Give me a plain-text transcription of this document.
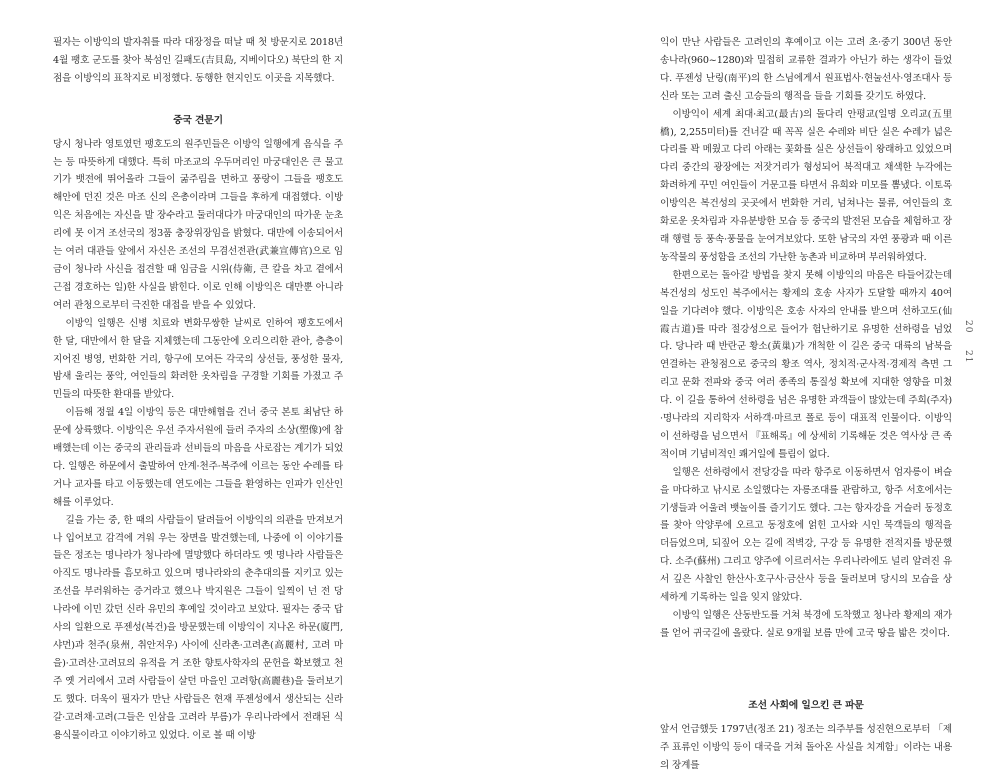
필자는 이방익의 발자취를 따라 대장정을 떠날 때 첫 방문지로 2018년 4월 팽호 군도를 찾아 북섬인 길패도(吉貝島, 지베이다오) 북단의 한 지점을 이방익의 표착지로 비정했다. 동행한 현지인도 이곳을 지목했다.

중국 견문기

당시 청나라 영토였던 팽호도의 원주민들은 이방익 일행에게 음식을 주는 등 따뜻하게 대했다. 특히 마조교의 우두머리인 마궁대인은 큰 물고기가 뱃전에 뛰어올라 그들이 굶주림을 면하고 풍랑이 그들을 팽호도 해안에 던진 것은 마조 신의 은총이라며 그들을 후하게 대접했다. 이방익은 처음에는 자신을 발 장수라고 둘러대다가 마궁대인의 따가운 눈초리에 못 이겨 조선국의 정3품 충장위장임을 밝혔다. 대만에 이송되어서는 여러 대관들 앞에서 자신은 조선의 무겸선전관(武兼宣傳官)으로 임금이 청나라 사신을 접견할 때 임금을 시위(侍衛, 큰 칼을 차고 곁에서 근접 경호하는 일)한 사실을 밝힌다. 이로 인해 이방익은 대만뿐 아니라 여러 관청으로부터 극진한 대접을 받을 수 있었다.

이방익 일행은 신병 치료와 변화무쌍한 날씨로 인하여 팽호도에서 한 달, 대만에서 한 달을 지체했는데 그동안에 오리으리한 관아, 층층이 지어진 병영, 번화한 거리, 항구에 모여든 각국의 상선들, 풍성한 물자, 밤새 울리는 풍악, 여인들의 화려한 옷차림을 구경할 기회를 가졌고 주민들의 따뜻한 환대를 받았다.

이듬해 정월 4일 이방익 등은 대만해협을 건너 중국 본토 최남단 하문에 상륙했다. 이방익은 우선 주자서원에 들러 주자의 소상(塑像)에 참배했는데 이는 중국의 관리들과 선비들의 마음을 사로잡는 계기가 되었다. 일행은 하문에서 출발하여 안계·천주·복주에 이르는 동안 수레를 타거나 교자를 타고 이동했는데 연도에는 그들을 환영하는 인파가 인산인해를 이루었다.

길을 가는 중, 한 때의 사람들이 달려들어 이방익의 의관을 만져보거나 입어보고 감격에 겨워 우는 장면을 발견했는데, 나중에 이 이야기를 들은 정조는 명나라가 청나라에 멸망했다 하더라도 옛 명나라 사람들은 아직도 명나라를 흠모하고 있으며 명나라와의 춘추대의를 지키고 있는 조선을 부러워하는 증거라고 했으나 박지원은 그들이 일찍이 넌 전 당나라에 이민 갔던 신라 유민의 후예일 것이라고 보았다. 필자는 중국 답사의 일환으로 푸젠성(복건)을 방문했는데 이방익이 지나온 하문(廈門, 샤먼)과 천주(泉州, 취안저우) 사이에 신라촌·고려촌(高麗村, 고려 마을)·고려산·고려묘의 유적을 겨 조한 향토사학자의 문헌을 확보했고 천주 옛 거리에서 고려 사람들이 살던 마을인 고려항(高麗巷)을 둘러보기도 했다. 더욱이 필자가 만난 사람들은 현재 푸젠성에서 생산되는 신라갈·고려채·고려(그들은 인삼을 고려라 부름)가 우리나라에서 전래된 식용식물이라고 이야기하고 있었다. 이로 볼 때 이방

익이 만난 사람들은 고려인의 후예이고 이는 고려 초·중기 300년 동안 송나라(960~1280)와 밀접히 교류한 결과가 아닌가 하는 생각이 들었다. 푸젠성 난링(南平)의 한 스님에게서 원표법사·현눌선사·영조대사 등 신라 또는 고려 출신 고승들의 행적을 들을 기회를 갖기도 하였다.

이방익이 세계 최대·최고(最古)의 돌다리 안평교(일명 오리교(五里橋), 2,255미터)를 건너갈 때 꼭꼭 실은 수레와 비단 실은 수레가 넓은 다리를 꽉 메웠고 다리 아래는 꽃화를 실은 상선들이 왕래하고 있었으며 다리 중간의 광장에는 저잣거리가 형성되어 북적대고 채색한 누각에는 화려하게 꾸민 여인들이 거문고를 타면서 유희와 미모를 뽐냈다. 이토록 이방익은 복건성의 곳곳에서 번화한 거리, 넘쳐나는 물류, 여인들의 호화로운 옷차림과 자유분방한 모습 등 중국의 발전된 모습을 체험하고 장래 행렬 등 풍속·풍물을 눈여겨보았다. 또한 남국의 자연 풍광과 때 이른 농작물의 풍성함을 조선의 가난한 농촌과 비교하며 부러워하였다.

한편으로는 돌아갈 방법을 찾지 못해 이방익의 마음은 타들어갔는데 복건성의 성도인 복주에서는 황제의 호송 사자가 도달할 때까지 40여 일을 기다려야 했다. 이방익은 호송 사자의 안내를 받으며 선하고도(仙霞古道)를 따라 절강성으로 들어가 험난하기로 유명한 선하령을 넘었다. 당나라 때 반란군 황소(黃巢)가 개척한 이 길은 중국 대륙의 남북을 연결하는 관청점으로 중국의 황조 역사, 정치적·군사적·경제적 측면 그리고 문화 전파와 중국 여러 종족의 통질성 확보에 지대한 영향을 미쳤다. 이 길을 통하여 선하령을 넘은 유명한 과객들이 많았는데 주희(주자)·명나라의 지리학자 서하객·마르코 폴로 등이 대표적 인물이다. 이방익이 선하령을 넘으면서 『표해록』에 상세히 기록해둔 것은 역사상 큰 족적이며 기념비적인 쾌거일에 틀림이 없다.

일행은 선하령에서 전당강을 따라 항주로 이동하면서 엄자릉이 벼슬을 마다하고 낚시로 소일했다는 자릉조대를 관람하고, 항주 서호에서는 기생들과 어울려 뱃놀이를 즐기기도 했다. 그는 항자강을 거슬러 동정호를 찾아 악양루에 오르고 동정호에 얽힌 고사와 시인 묵객들의 행적을 더듬었으며, 되짚어 오는 길에 적벽강, 구강 등 유명한 전적지를 방문했다. 소주(蘇州) 그리고 양주에 이르러서는 우리나라에도 널리 알려진 유서 깊은 사찰인 한산사·호구사·금산사 등을 둘러보며 당시의 모습을 상세하게 기록하는 일을 잊지 않았다.

이방익 일행은 산동반도를 거쳐 북경에 도착했고 청나라 황제의 재가를 얻어 귀국길에 올랐다. 실로 9개월 보름 만에 고국 땅을 밟은 것이다.

조선 사회에 일으킨 큰 파문

앞서 언급했듯 1797년(정조 21) 정조는 의주부를 성진현으로부터 「제주 표류인 이방익 등이 대국을 거쳐 돌아온 사실을 치계함」이라는 내용의 장계를

20
21
